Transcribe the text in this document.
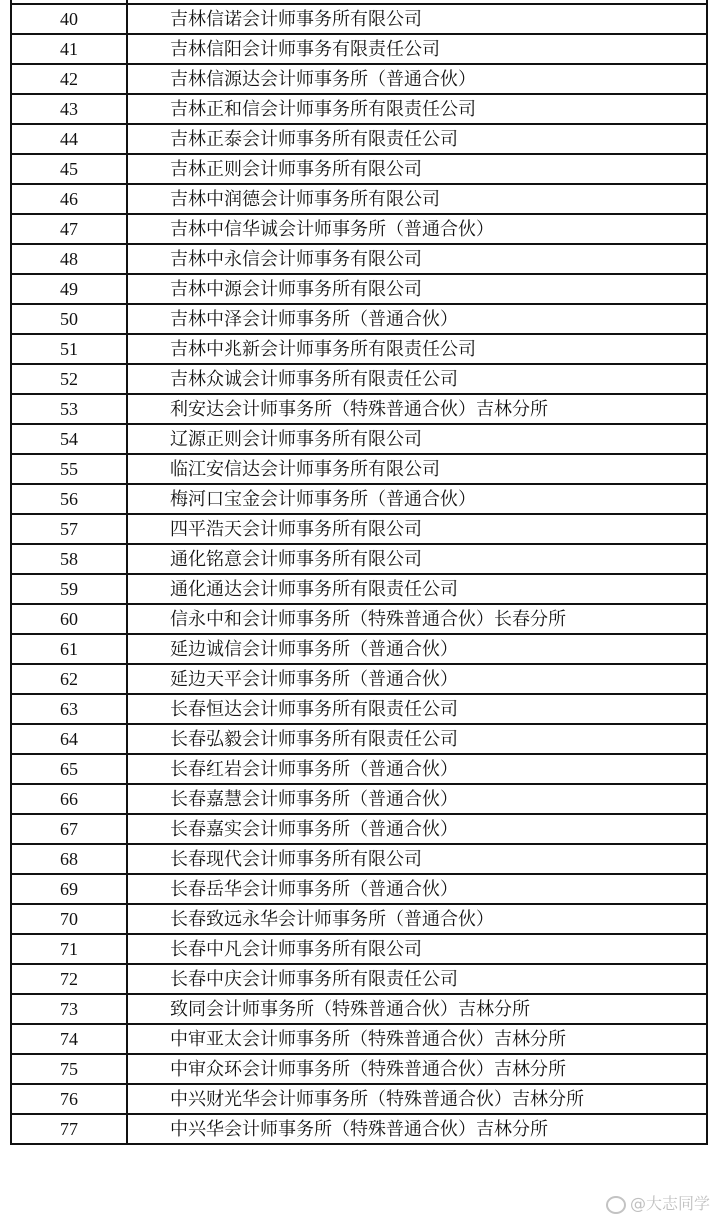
40	吉林信诺会计师事务所有限公司
41	吉林信阳会计师事务有限责任公司
42	吉林信源达会计师事务所（普通合伙）
43	吉林正和信会计师事务所有限责任公司
44	吉林正泰会计师事务所有限责任公司
45	吉林正则会计师事务所有限公司
46	吉林中润德会计师事务所有限公司
47	吉林中信华诚会计师事务所（普通合伙）
48	吉林中永信会计师事务有限公司
49	吉林中源会计师事务所有限公司
50	吉林中泽会计师事务所（普通合伙）
51	吉林中兆新会计师事务所有限责任公司
52	吉林众诚会计师事务所有限责任公司
53	利安达会计师事务所（特殊普通合伙）吉林分所
54	辽源正则会计师事务所有限公司
55	临江安信达会计师事务所有限公司
56	梅河口宝金会计师事务所（普通合伙）
57	四平浩天会计师事务所有限公司
58	通化铭意会计师事务所有限公司
59	通化通达会计师事务所有限责任公司
60	信永中和会计师事务所（特殊普通合伙）长春分所
61	延边诚信会计师事务所（普通合伙）
62	延边天平会计师事务所（普通合伙）
63	长春恒达会计师事务所有限责任公司
64	长春弘毅会计师事务所有限责任公司
65	长春红岩会计师事务所（普通合伙）
66	长春嘉慧会计师事务所（普通合伙）
67	长春嘉实会计师事务所（普通合伙）
68	长春现代会计师事务所有限公司
69	长春岳华会计师事务所（普通合伙）
70	长春致远永华会计师事务所（普通合伙）
71	长春中凡会计师事务所有限公司
72	长春中庆会计师事务所有限责任公司
73	致同会计师事务所（特殊普通合伙）吉林分所
74	中审亚太会计师事务所（特殊普通合伙）吉林分所
75	中审众环会计师事务所（特殊普通合伙）吉林分所
76	中兴财光华会计师事务所（特殊普通合伙）吉林分所
77	中兴华会计师事务所（特殊普通合伙）吉林分所
@大志同学
